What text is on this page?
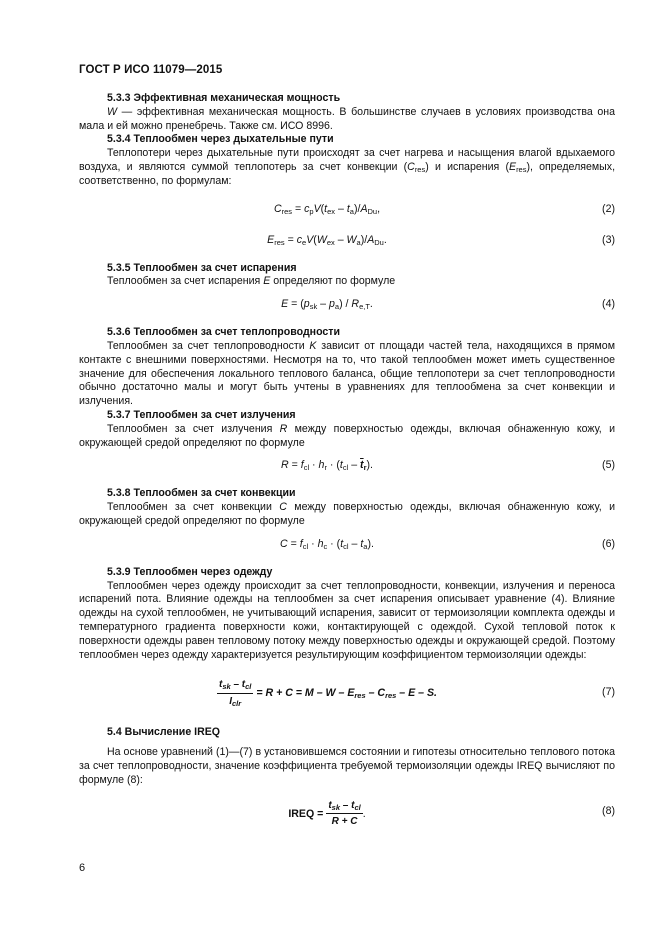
ГОСТ Р ИСО 11079—2015
5.3.3 Эффективная механическая мощность
W — эффективная механическая мощность. В большинстве случаев в условиях производства она мала и ей можно пренебречь. Также см. ИСО 8996.
5.3.4 Теплообмен через дыхательные пути
Теплопотери через дыхательные пути происходят за счет нагрева и насыщения влагой вдыхаемого воздуха, и являются суммой теплопотерь за счет конвекции $(C_{res})$ и испарения $(E_{res})$, определяемых, соответственно, по формулам:
$C_{res} = c_pV(t_{ex} - t_a)/A_{Du}$,	(2)
$E_{res} = c_eV(W_{ex} - W_a)/A_{Du}$.	(3)
5.3.5 Теплообмен за счет испарения
Теплообмен за счет испарения E определяют по формуле
$E = (p_{sk} - p_a) / R_{e,T}$.	(4)
5.3.6 Теплообмен за счет теплопроводности
Теплообмен за счет теплопроводности K зависит от площади частей тела, находящихся в прямом контакте с внешними поверхностями. Несмотря на то, что такой теплообмен может иметь существенное значение для обеспечения локального теплового баланса, общие теплопотери за счет теплопроводности обычно достаточно малы и могут быть учтены в уравнениях для теплообмена за счет конвекции и излучения.
5.3.7 Теплообмен за счет излучения
Теплообмен за счет излучения R между поверхностью одежды, включая обнаженную кожу, и окружающей средой определяют по формуле
$R = f_{cl} \cdot h_r \cdot (t_{cl} - \overline{t}_r)$.	(5)
5.3.8 Теплообмен за счет конвекции
Теплообмен за счет конвекции C между поверхностью одежды, включая обнаженную кожу, и окружающей средой определяют по формуле
$C = f_{cl} \cdot h_c \cdot (t_{cl} - t_a)$.	(6)
5.3.9 Теплообмен через одежду
Теплообмен через одежду происходит за счет теплопроводности, конвекции, излучения и переноса испарений пота. Влияние одежды на теплообмен за счет испарения описывает уравнение (4). Влияние одежды на сухой теплообмен, не учитывающий испарения, зависит от термоизоляции комплекта одежды и температурного градиента поверхности кожи, контактирующей с одеждой. Сухой тепловой поток к поверхности одежды равен тепловому потоку между поверхностью одежды и окружающей средой. Поэтому теплообмен через одежду характеризуется результирующим коэффициентом термоизоляции одежды:
$\frac{t_{sk} - t_{cl}}{I_{clr}} = R + C = M - W - E_{res} - C_{res} - E - S$.	(7)
5.4 Вычисление IREQ
На основе уравнений (1)—(7) в установившемся состоянии и гипотезы относительно теплового потока за счет теплопроводности, значение коэффициента требуемой термоизоляции одежды IREQ вычисляют по формуле (8):
IREQ = $\frac{t_{sk} - t_{cl}}{R + C}$ .	(8)
6
